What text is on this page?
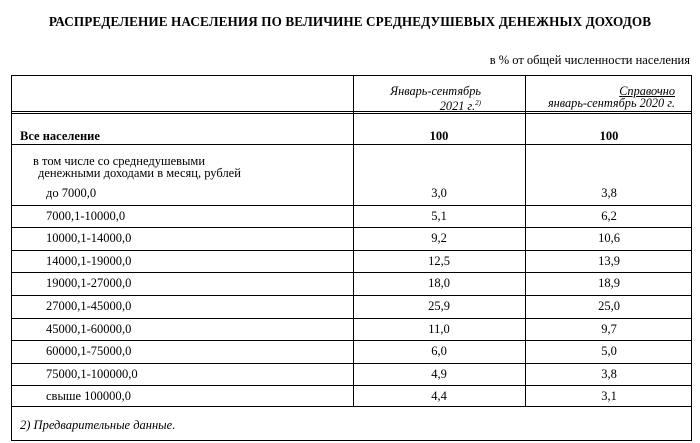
РАСПРЕДЕЛЕНИЕ НАСЕЛЕНИЯ ПО ВЕЛИЧИНЕ СРЕДНЕДУШЕВЫХ ДЕНЕЖНЫХ ДОХОДОВ
в % от общей численности населения
Январь-сентябрь
2021 г.$^{2)}$
Справочно
январь-сентябрь 2020 г.
Все население	100	100
в том числе со среднедушевыми
денежными доходами в месяц, рублей
до 7000,0	3,0	3,8
7000,1-10000,0	5,1	6,2
10000,1-14000,0	9,2	10,6
14000,1-19000,0	12,5	13,9
19000,1-27000,0	18,0	18,9
27000,1-45000,0	25,9	25,0
45000,1-60000,0	11,0	9,7
60000,1-75000,0	6,0	5,0
75000,1-100000,0	4,9	3,8
свыше 100000,0	4,4	3,1
2) Предварительные данные.
